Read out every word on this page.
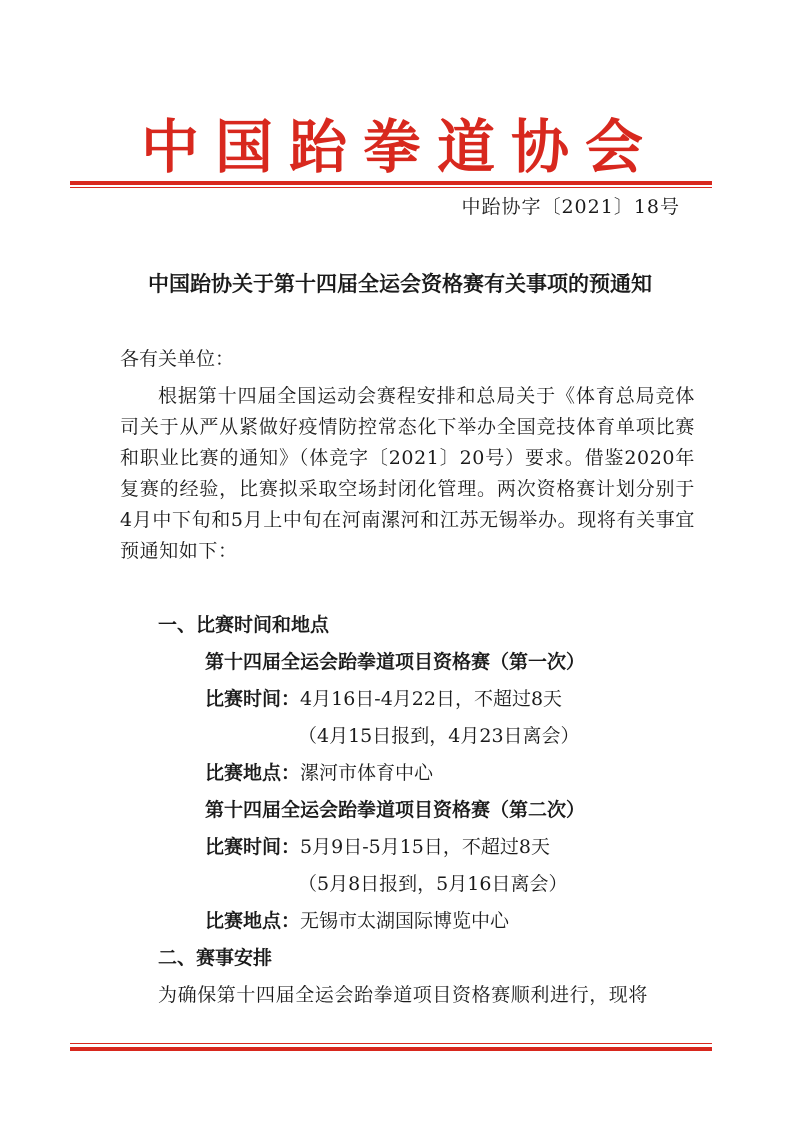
中国跆拳道协会
中跆协字〔2021〕18号
中国跆协关于第十四届全运会资格赛有关事项的预通知
各有关单位：
根据第十四届全国运动会赛程安排和总局关于《体育总局竞体司关于从严从紧做好疫情防控常态化下举办全国竞技体育单项比赛和职业比赛的通知》（体竞字〔2021〕20号）要求。借鉴2020年复赛的经验，比赛拟采取空场封闭化管理。两次资格赛计划分别于4月中下旬和5月上中旬在河南漯河和江苏无锡举办。现将有关事宜预通知如下：
一、比赛时间和地点
第十四届全运会跆拳道项目资格赛（第一次）
比赛时间：4月16日-4月22日，不超过8天
（4月15日报到，4月23日离会）
比赛地点：漯河市体育中心
第十四届全运会跆拳道项目资格赛（第二次）
比赛时间：5月9日-5月15日，不超过8天
（5月8日报到，5月16日离会）
比赛地点：无锡市太湖国际博览中心
二、赛事安排
为确保第十四届全运会跆拳道项目资格赛顺利进行，现将
